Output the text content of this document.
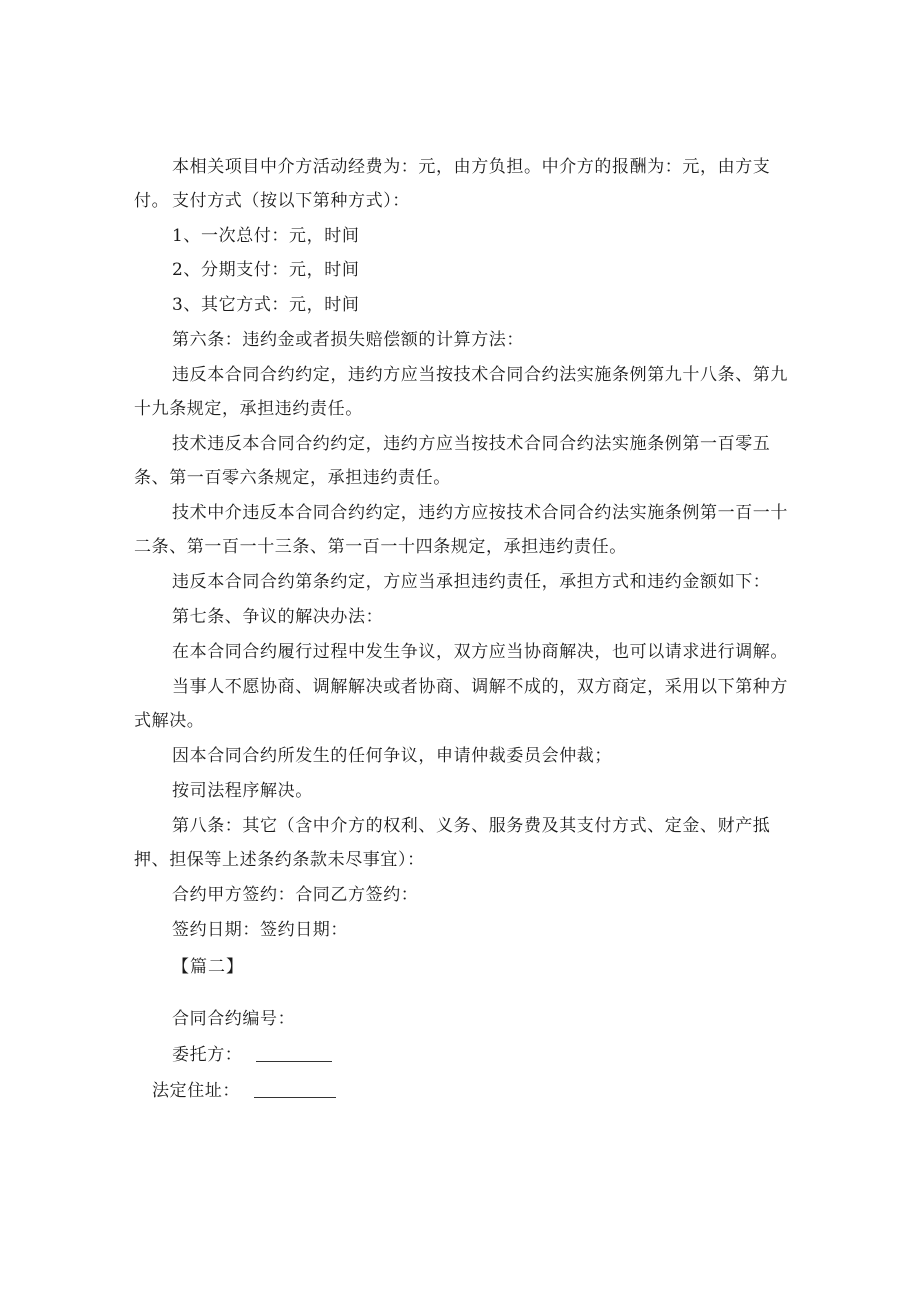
本相关项目中介方活动经费为：元，由方负担。中介方的报酬为：元，由方支付。 支付方式（按以下第种方式）：

1、一次总付：元，时间

2、分期支付：元，时间

3、其它方式：元，时间

第六条：违约金或者损失赔偿额的计算方法：

违反本合同合约约定，违约方应当按技术合同合约法实施条例第九十八条、第九十九条规定，承担违约责任。

技术违反本合同合约约定，违约方应当按技术合同合约法实施条例第一百零五条、第一百零六条规定，承担违约责任。

技术中介违反本合同合约约定，违约方应按技术合同合约法实施条例第一百一十二条、第一百一十三条、第一百一十四条规定，承担违约责任。

违反本合同合约第条约定，方应当承担违约责任，承担方式和违约金额如下：

第七条、争议的解决办法：

在本合同合约履行过程中发生争议，双方应当协商解决，也可以请求进行调解。

当事人不愿协商、调解解决或者协商、调解不成的，双方商定，采用以下第种方式解决。

因本合同合约所发生的任何争议，申请仲裁委员会仲裁；

按司法程序解决。

第八条：其它（含中介方的权利、义务、服务费及其支付方式、定金、财产抵押、担保等上述条约条款未尽事宜）：

合约甲方签约：合同乙方签约：

签约日期：签约日期：

【篇二】

合同合约编号：
委托方：
法定住址：
